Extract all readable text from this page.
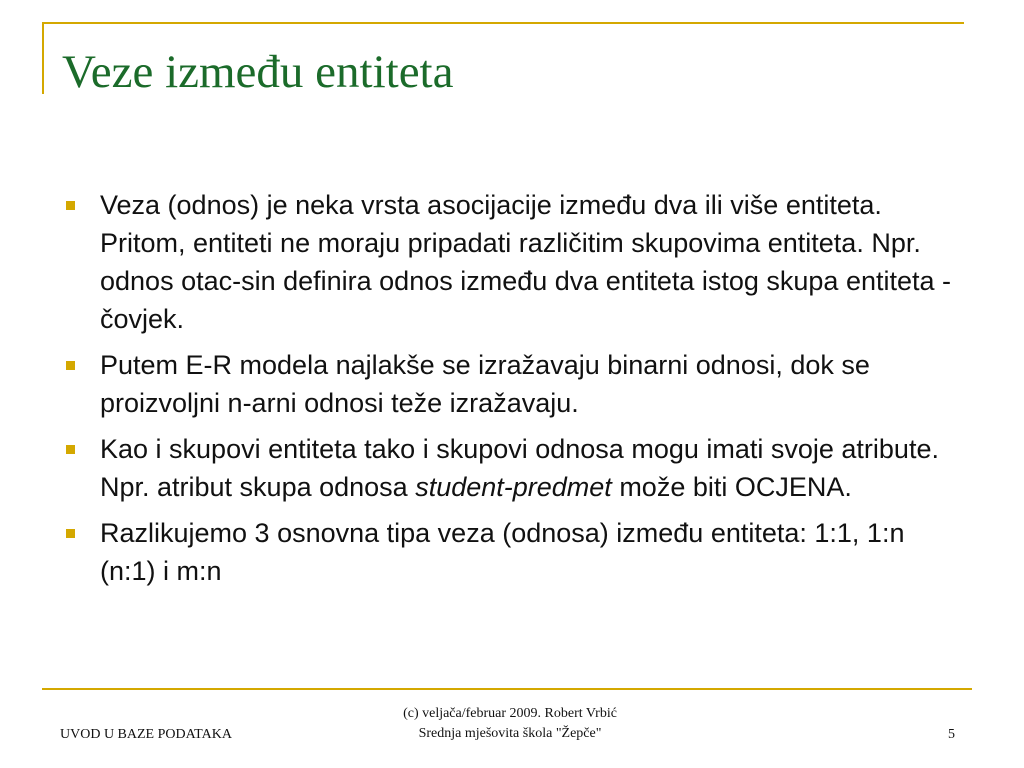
Veze između entiteta
Veza (odnos) je neka vrsta asocijacije između dva ili više entiteta. Pritom, entiteti ne moraju pripadati različitim skupovima entiteta. Npr. odnos otac-sin definira odnos između dva entiteta istog skupa entiteta - čovjek.
Putem E-R modela najlakše se izražavaju binarni odnosi, dok se proizvoljni n-arni odnosi teže izražavaju.
Kao i skupovi entiteta tako i skupovi odnosa mogu imati svoje atribute. Npr. atribut skupa odnosa student-predmet može biti OCJENA.
Razlikujemo 3 osnovna tipa veza (odnosa) između entiteta: 1:1, 1:n (n:1) i m:n
UVOD U BAZE PODATAKA
(c) veljača/februar 2009. Robert Vrbić
Srednja mješovita škola "Žepče"	5
